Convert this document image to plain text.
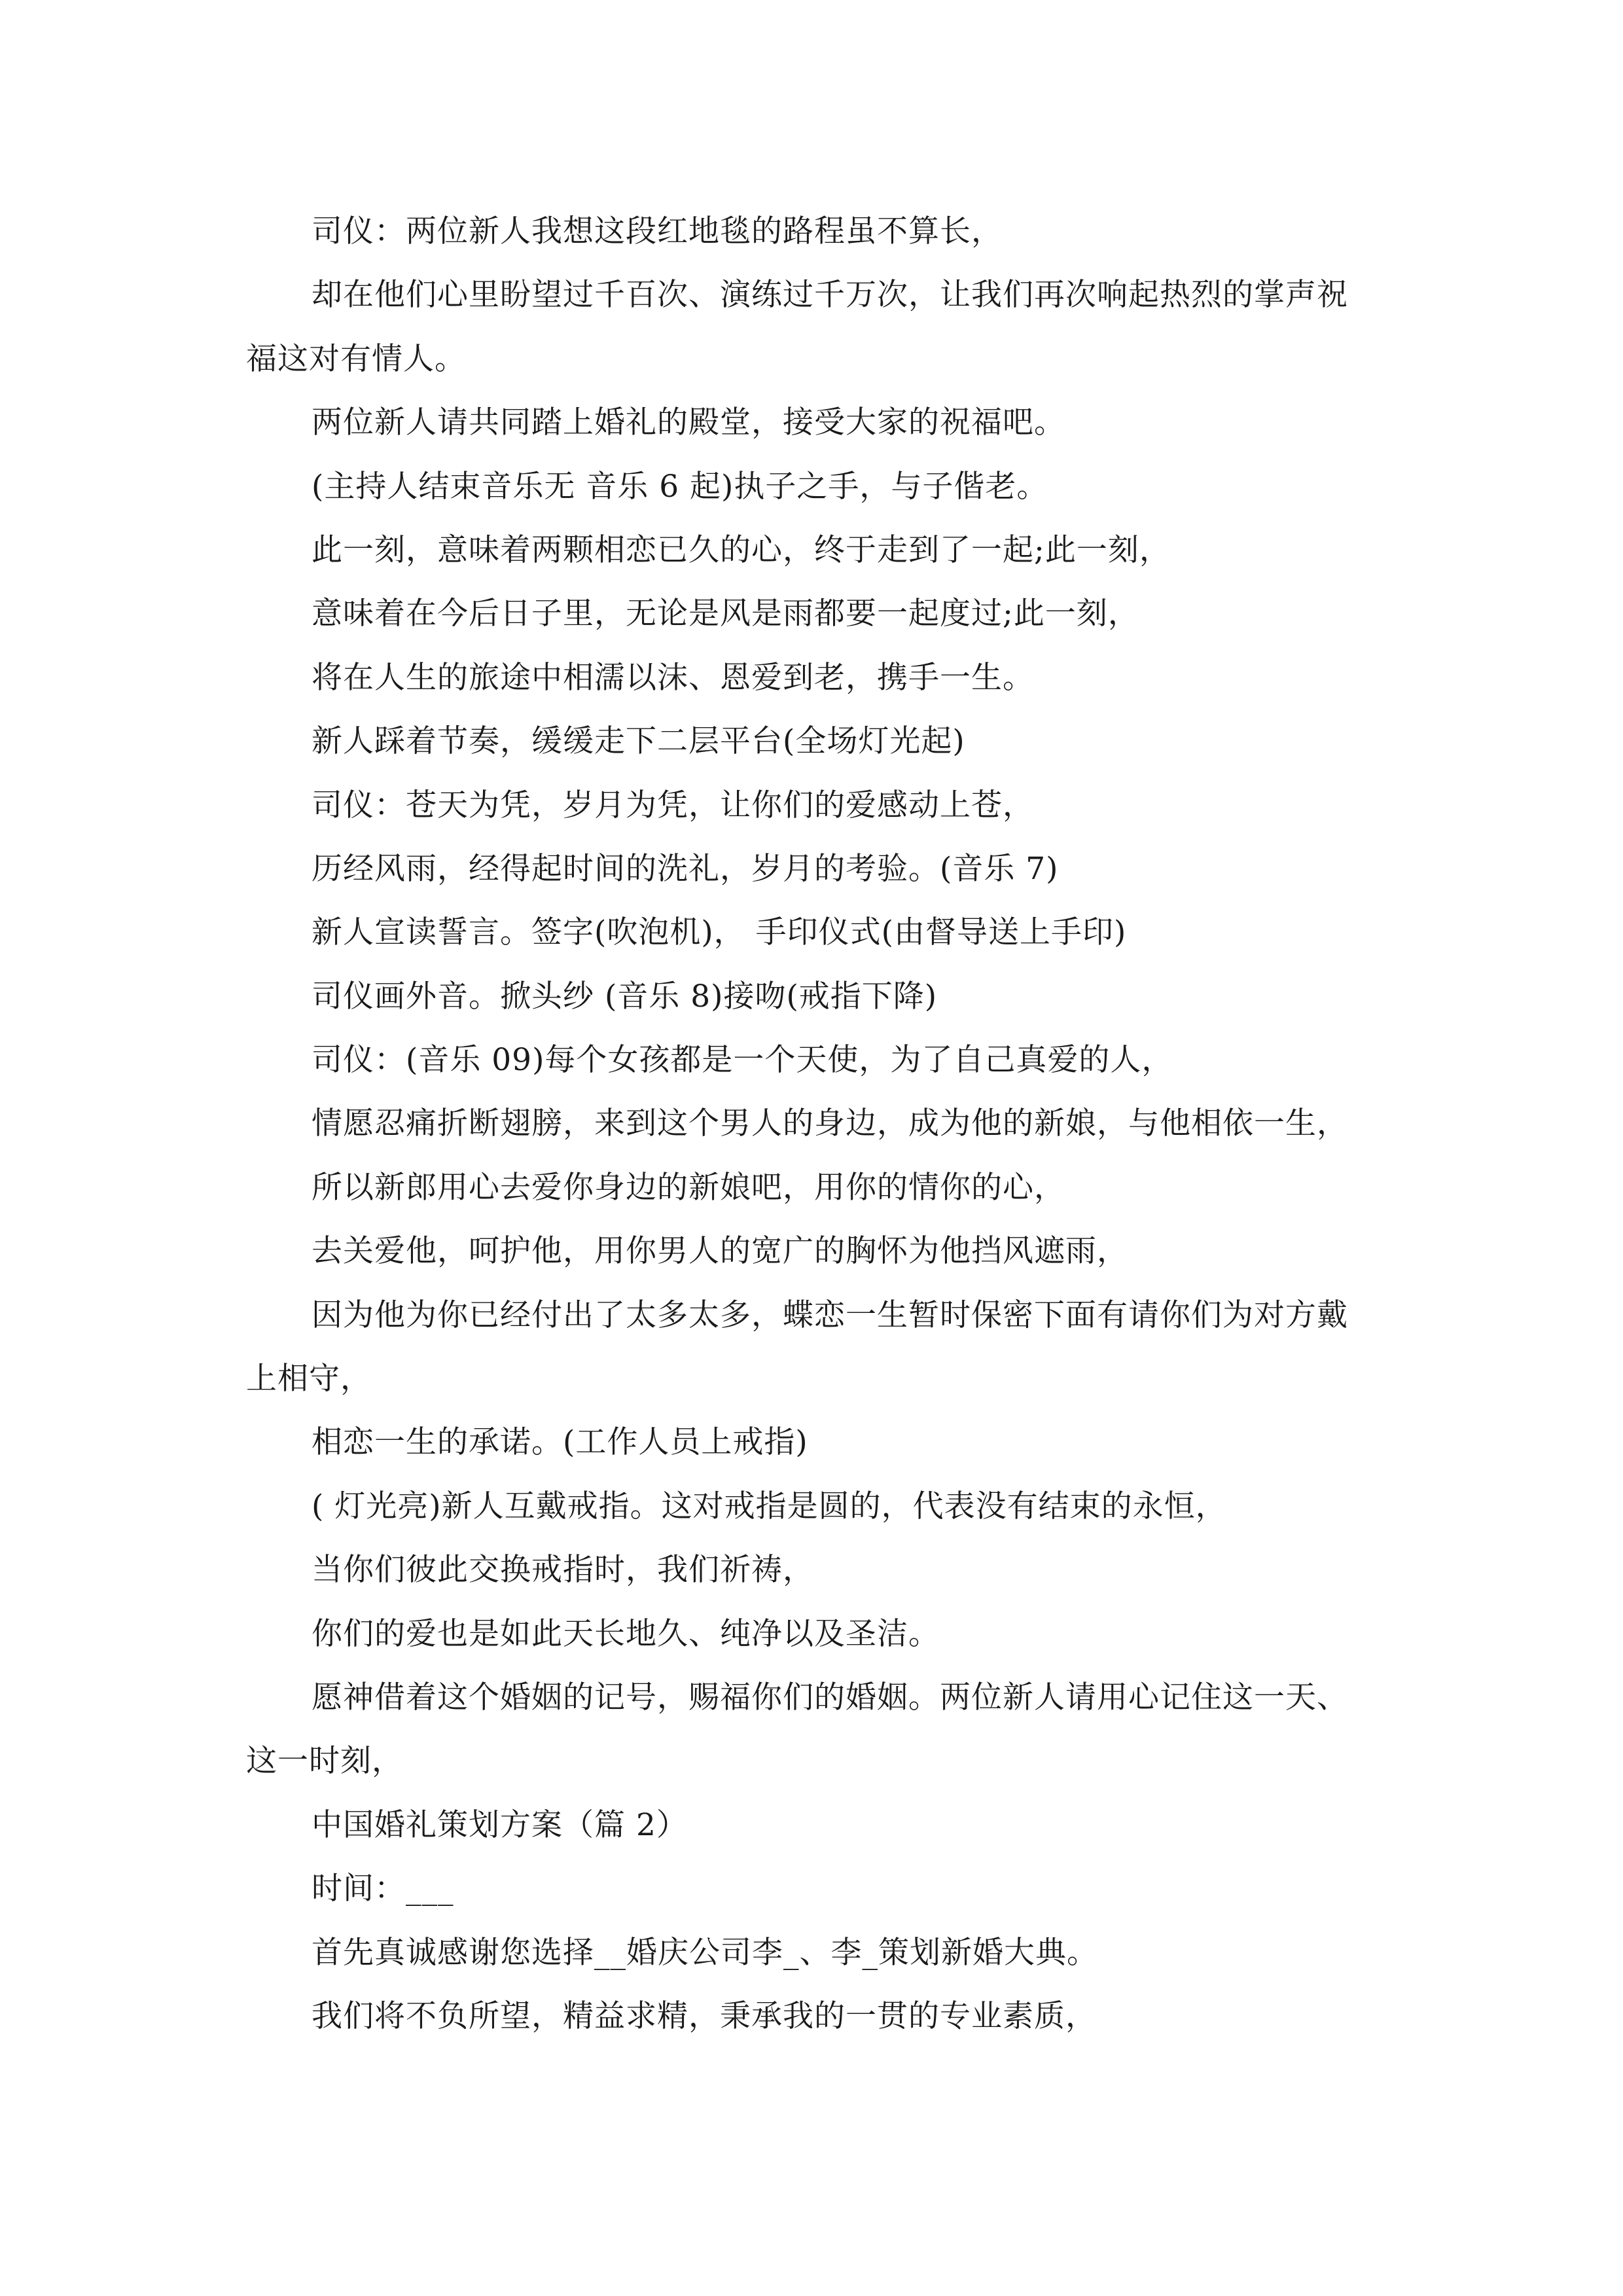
司仪：两位新人我想这段红地毯的路程虽不算长，
却在他们心里盼望过千百次、演练过千万次，让我们再次响起热烈的掌声祝
福这对有情人。
两位新人请共同踏上婚礼的殿堂，接受大家的祝福吧。
(主持人结束音乐无 音乐 6 起)执子之手，与子偕老。
此一刻，意味着两颗相恋已久的心，终于走到了一起;此一刻，
意味着在今后日子里，无论是风是雨都要一起度过;此一刻，
将在人生的旅途中相濡以沫、恩爱到老，携手一生。
新人踩着节奏，缓缓走下二层平台(全场灯光起)
司仪：苍天为凭，岁月为凭，让你们的爱感动上苍，
历经风雨，经得起时间的洗礼，岁月的考验。(音乐 7)
新人宣读誓言。签字(吹泡机)， 手印仪式(由督导送上手印)
司仪画外音。掀头纱 (音乐 8)接吻(戒指下降)
司仪：(音乐 09)每个女孩都是一个天使，为了自己真爱的人，
情愿忍痛折断翅膀，来到这个男人的身边，成为他的新娘，与他相依一生，
所以新郎用心去爱你身边的新娘吧，用你的情你的心，
去关爱他，呵护他，用你男人的宽广的胸怀为他挡风遮雨，
因为他为你已经付出了太多太多，蝶恋一生暂时保密下面有请你们为对方戴
上相守，
相恋一生的承诺。(工作人员上戒指)
( 灯光亮)新人互戴戒指。这对戒指是圆的，代表没有结束的永恒，
当你们彼此交换戒指时，我们祈祷，
你们的爱也是如此天长地久、纯净以及圣洁。
愿神借着这个婚姻的记号，赐福你们的婚姻。两位新人请用心记住这一天、
这一时刻，
中国婚礼策划方案（篇 2）
时间：___
首先真诚感谢您选择__婚庆公司李_、李_策划新婚大典。
我们将不负所望，精益求精，秉承我的一贯的专业素质，
